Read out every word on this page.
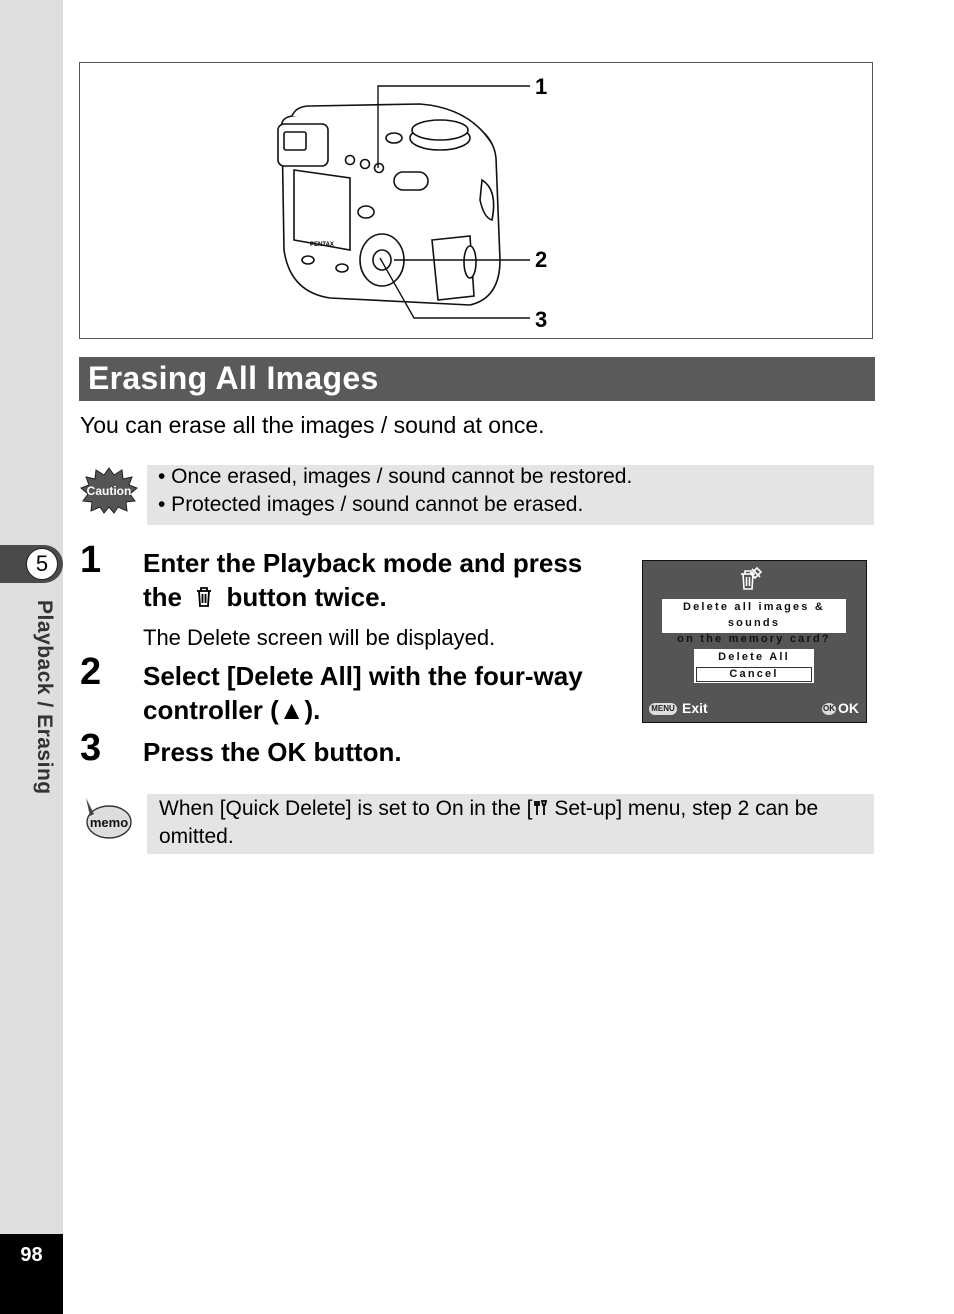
5
Playback / Erasing
98
PENTAX
1
2
3
Erasing All Images
You can erase all the images / sound at once.
Caution
• Once erased, images / sound cannot be restored.
• Protected images / sound cannot be erased.
1 Enter the Playback mode and press the  button twice.
The Delete screen will be displayed.
2 Select [Delete All] with the four-way controller (▲).
3 Press the OK button.
Delete all images & sounds
on the memory card?
Delete All
Cancel
MENU Exit	OK OK
memo
When [Quick Delete] is set to On in the [ Set-up] menu, step 2 can be omitted.
